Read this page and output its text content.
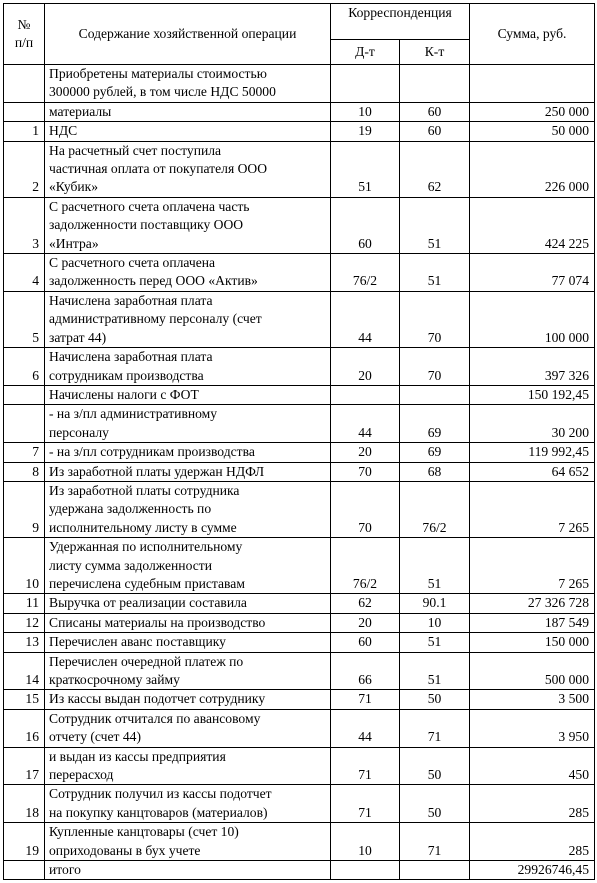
№
п/п	Содержание хозяйственной операции	Корреспонденция		Сумма, руб.
		Д-т	К-т	

	Приобретены материалы стоимостью
300000 рублей, в том числе НДС 50000			

	материалы	10	60	250 000
1	НДС	19	60	50 000
2	На расчетный счет поступила
частичная оплата от покупателя ООО
«Кубик»	51	62	226 000
3	С расчетного счета оплачена часть
задолженности поставщику ООО
«Интра»	60	51	424 225
4	С расчетного счета оплачена
задолженность перед ООО «Актив»	76/2	51	77 074
5	Начислена заработная плата
административному персоналу (счет
затрат 44)	44	70	100 000
6	Начислена заработная плата
сотрудникам производства	20	70	397 326

	Начислены налоги с ФОТ			150 192,45

	- на з/пл административному
персоналу	44	69	30 200
7	- на з/пл сотрудникам производства	20	69	119 992,45
8	Из заработной платы удержан НДФЛ	70	68	64 652
9	Из заработной платы сотрудника
удержана задолженность по
исполнительному листу в сумме	70	76/2	7 265
10	Удержанная по исполнительному
листу сумма задолженности
перечислена судебным приставам	76/2	51	7 265
11	Выручка от реализации составила	62	90.1	27 326 728
12	Списаны материалы на производство	20	10	187 549
13	Перечислен аванс поставщику	60	51	150 000
14	Перечислен очередной платеж по
краткосрочному займу	66	51	500 000
15	Из кассы выдан подотчет сотруднику	71	50	3 500
16	Сотрудник отчитался по авансовому
отчету (счет 44)	44	71	3 950
17	и выдан из кассы предприятия
перерасход	71	50	450
18	Сотрудник получил из кассы подотчет
на покупку канцтоваров (материалов)	71	50	285
19	Купленные канцтовары (счет 10)
оприходованы в бух учете	10	71	285

	итого			29926746,45
